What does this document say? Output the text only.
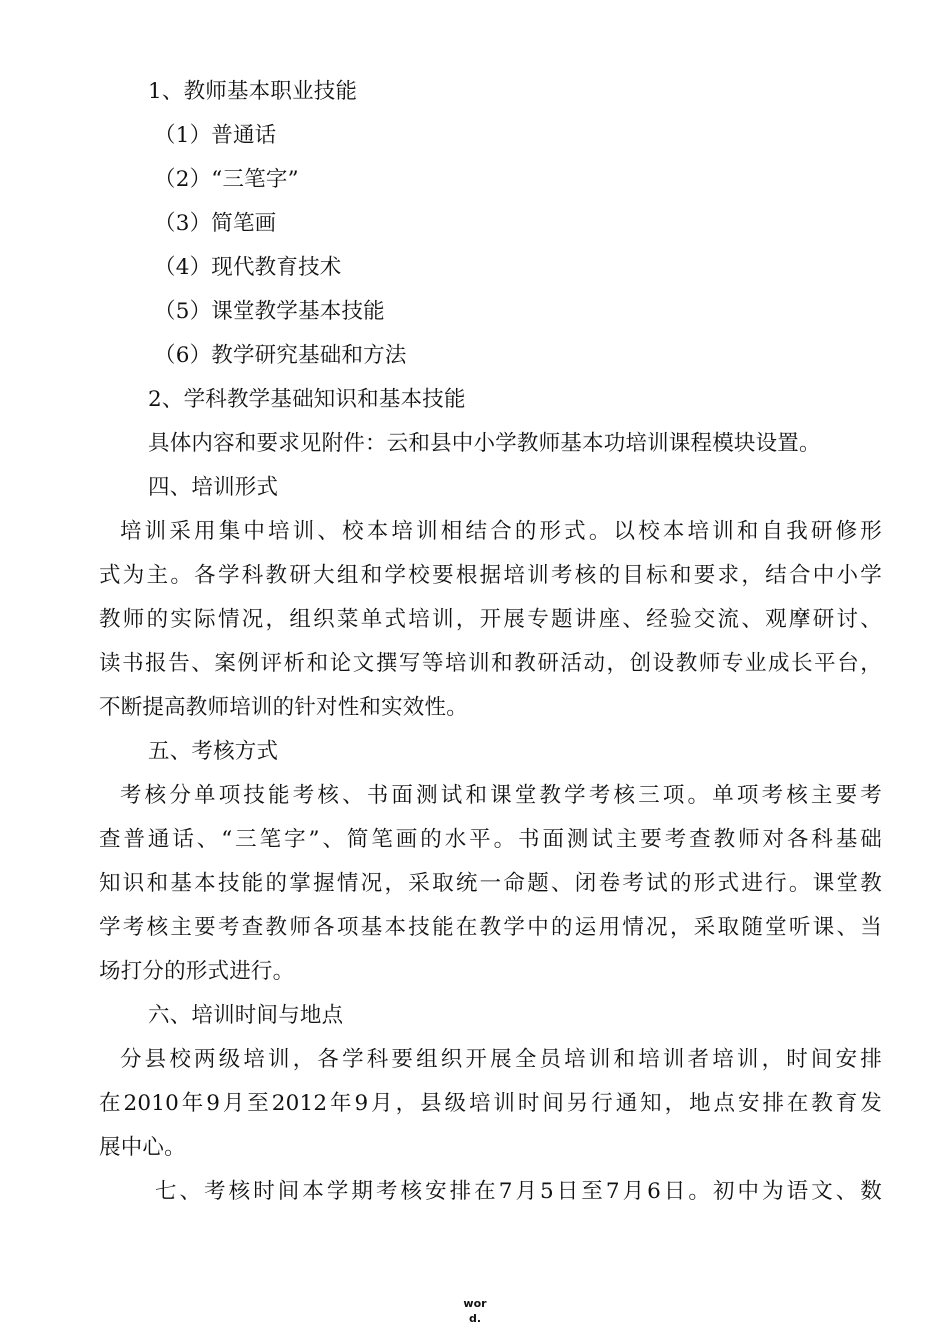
1、教师基本职业技能
（1）普通话
（2）“三笔字”
（3）简笔画
（4）现代教育技术
（5）课堂教学基本技能
（6）教学研究基础和方法
2、学科教学基础知识和基本技能
具体内容和要求见附件：云和县中小学教师基本功培训课程模块设置。
四、培训形式
培训采用集中培训、校本培训相结合的形式。以校本培训和自我研修形
式为主。各学科教研大组和学校要根据培训考核的目标和要求，结合中小学
教师的实际情况，组织菜单式培训，开展专题讲座、经验交流、观摩研讨、
读书报告、案例评析和论文撰写等培训和教研活动，创设教师专业成长平台，
不断提高教师培训的针对性和实效性。
五、考核方式
考核分单项技能考核、书面测试和课堂教学考核三项。单项考核主要考
查普通话、“三笔字”、简笔画的水平。书面测试主要考查教师对各科基础
知识和基本技能的掌握情况，采取统一命题、闭卷考试的形式进行。课堂教
学考核主要考查教师各项基本技能在教学中的运用情况，采取随堂听课、当
场打分的形式进行。
六、培训时间与地点
分县校两级培训，各学科要组织开展全员培训和培训者培训，时间安排
在2010年9月至2012年9月，县级培训时间另行通知，地点安排在教育发
展中心。
七、考核时间本学期考核安排在7月5日至7月6日。初中为语文、数
wor
d.
